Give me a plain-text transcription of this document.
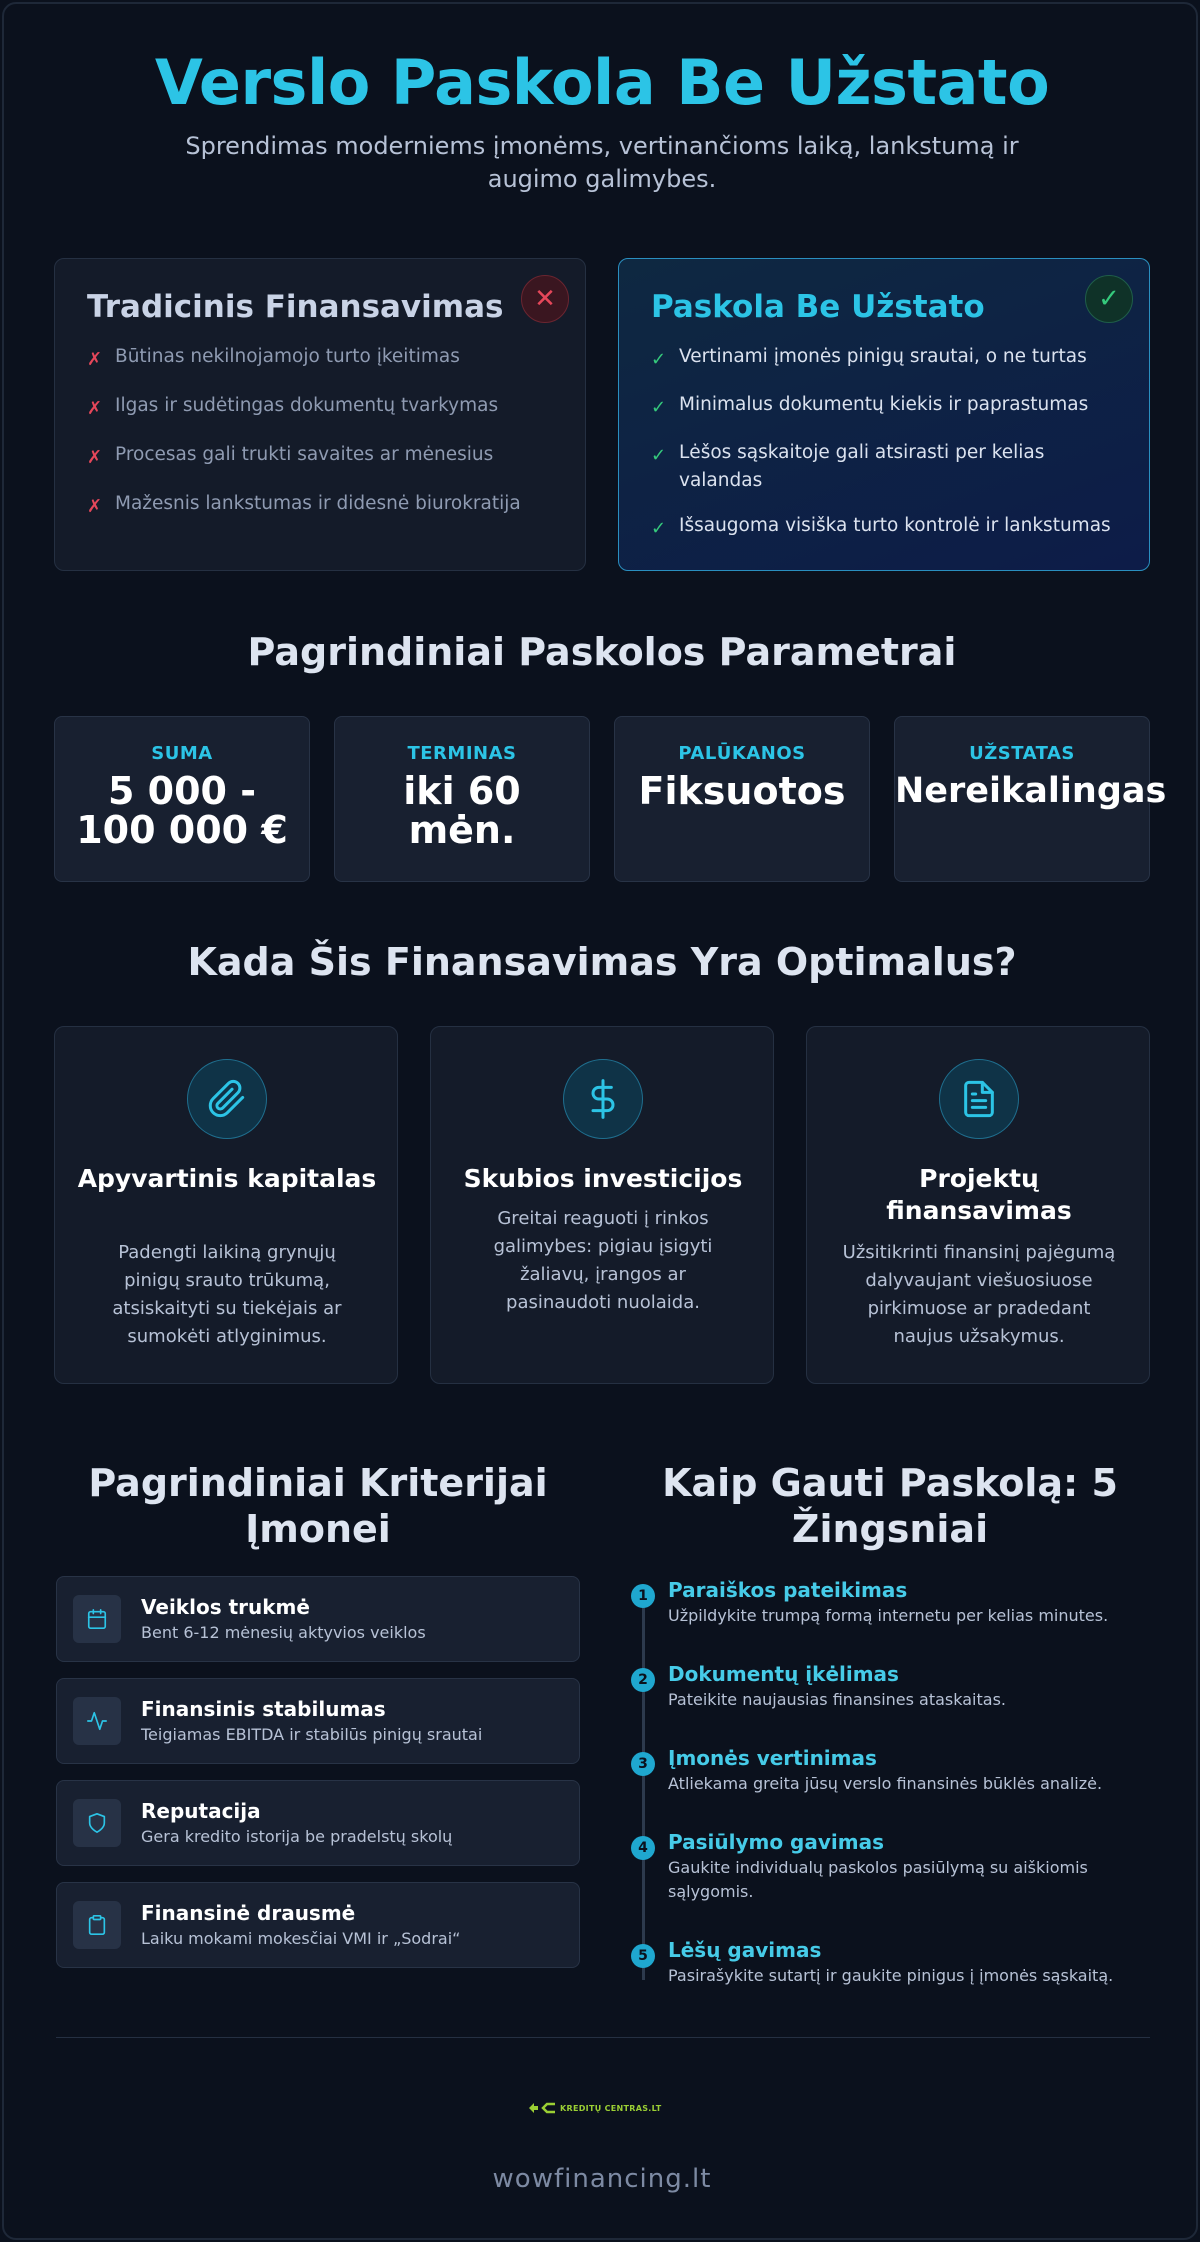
Verslo Paskola Be Užstato

Sprendimas moderniems įmonėms, vertinančioms laiką, lankstumą ir augimo galimybes.

✕
Tradicinis Finansavimas
✗ Būtinas nekilnojamojo turto įkeitimas
✗ Ilgas ir sudėtingas dokumentų tvarkymas
✗ Procesas gali trukti savaites ar mėnesius
✗ Mažesnis lankstumas ir didesnė biurokratija
✓
Paskola Be Užstato
✓ Vertinami įmonės pinigų srautai, o ne turtas
✓ Minimalus dokumentų kiekis ir paprastumas
✓ Lėšos sąskaitoje gali atsirasti per kelias valandas
✓ Išsaugoma visiška turto kontrolė ir lankstumas
Pagrindiniai Paskolos Parametrai
SUMA
5 000 - 100 000 €
TERMINAS
iki 60 mėn.
PALŪKANOS
Fiksuotos
UŽSTATAS
Nereikalingas
Kada Šis Finansavimas Yra Optimalus?
Apyvartinis kapitalas
Padengti laikiną grynųjų pinigų srauto trūkumą, atsiskaityti su tiekėjais ar sumokėti atlyginimus.
Skubios investicijos
Greitai reaguoti į rinkos galimybes: pigiau įsigyti žaliavų, įrangos ar pasinaudoti nuolaida.
Projektų finansavimas
Užsitikrinti finansinį pajėgumą dalyvaujant viešuosiuose pirkimuose ar pradedant naujus užsakymus.
Pagrindiniai Kriterijai Įmonei
Veiklos trukmė
Bent 6-12 mėnesių aktyvios veiklos
Finansinis stabilumas
Teigiamas EBITDA ir stabilūs pinigų srautai
Reputacija
Gera kredito istorija be pradelstų skolų
Finansinė drausmė
Laiku mokami mokesčiai VMI ir „Sodrai“
Kaip Gauti Paskolą: 5 Žingsniai
1	Paraiškos pateikimas
Užpildykite trumpą formą internetu per kelias minutes.
2	Dokumentų įkėlimas
Pateikite naujausias finansines ataskaitas.
3	Įmonės vertinimas
Atliekama greita jūsų verslo finansinės būklės analizė.
4	Pasiūlymo gavimas
Gaukite individualų paskolos pasiūlymą su aiškiomis sąlygomis.
5	Lėšų gavimas
Pasirašykite sutartį ir gaukite pinigus į įmonės sąskaitą.
KREDITŲ CENTRAS.LT
wowfinancing.lt
